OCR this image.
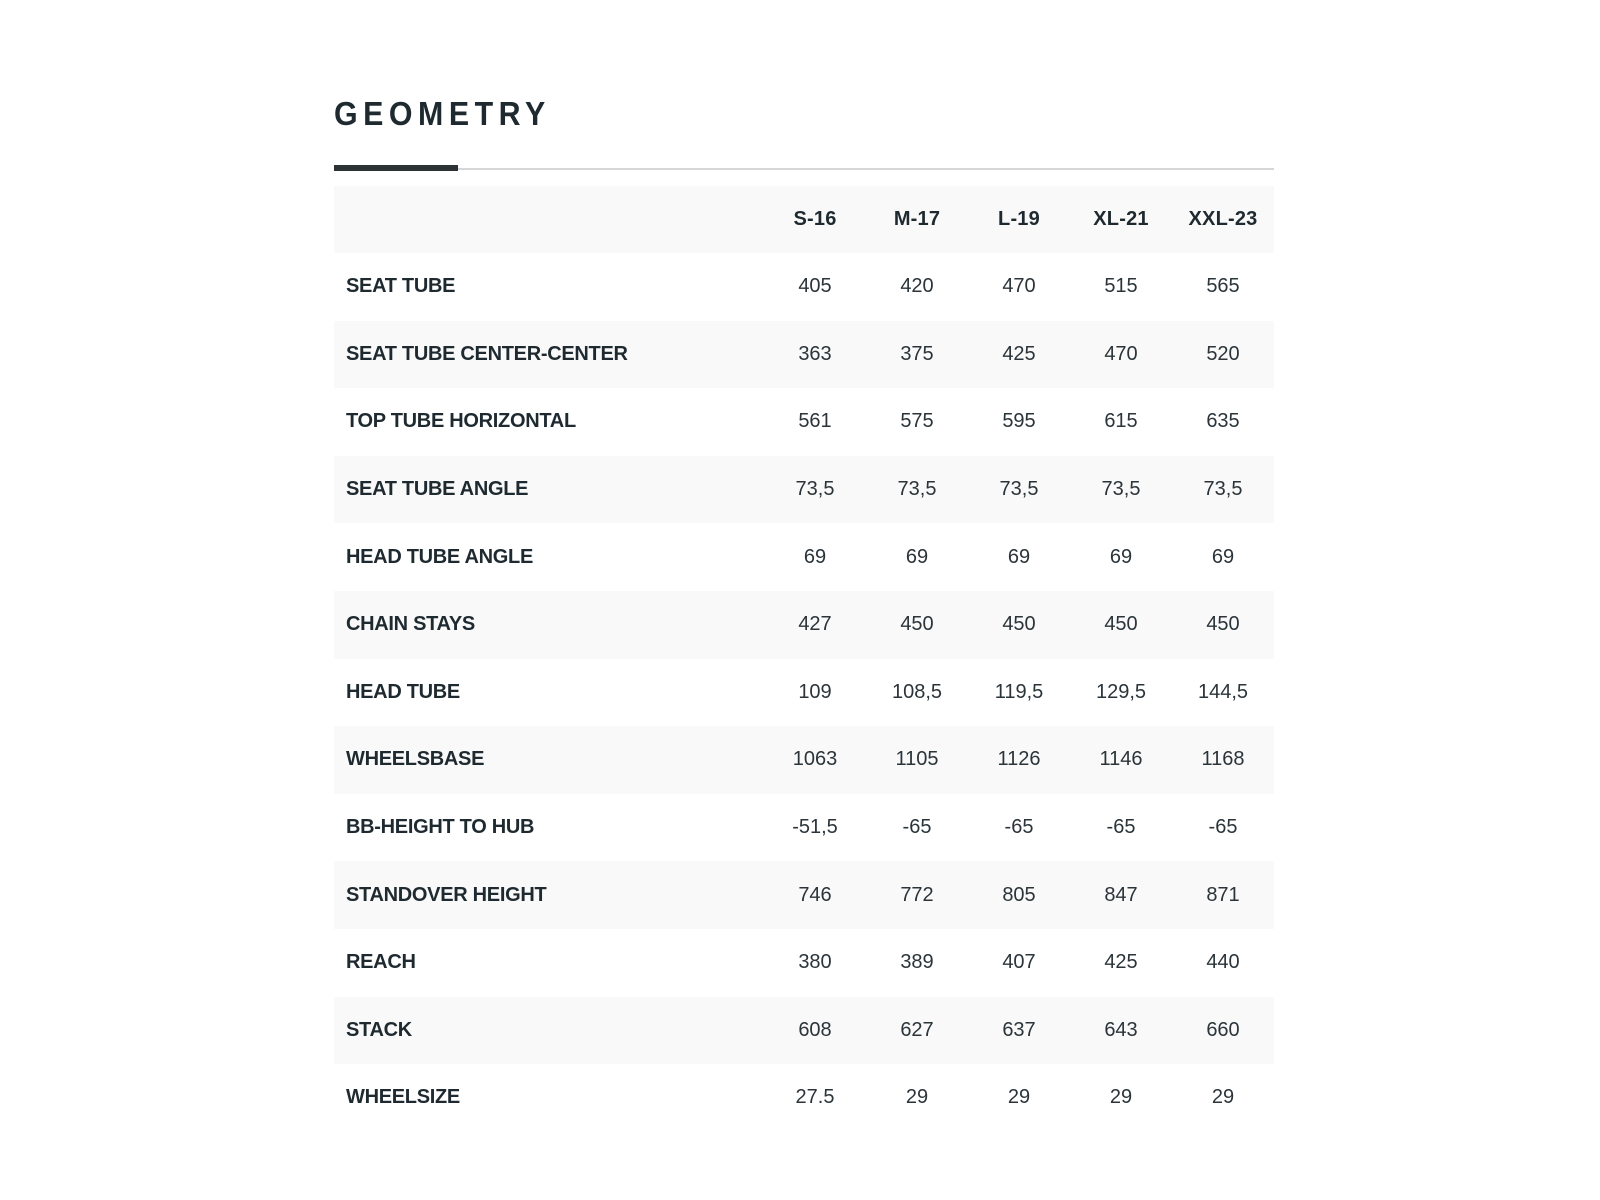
GEOMETRY
	S-16	M-17	L-19	XL-21	XXL-23
SEAT TUBE	405	420	470	515	565
SEAT TUBE CENTER-CENTER	363	375	425	470	520
TOP TUBE HORIZONTAL	561	575	595	615	635
SEAT TUBE ANGLE	73,5	73,5	73,5	73,5	73,5
HEAD TUBE ANGLE	69	69	69	69	69
CHAIN STAYS	427	450	450	450	450
HEAD TUBE	109	108,5	119,5	129,5	144,5
WHEELSBASE	1063	1105	1126	1146	1168
BB-HEIGHT TO HUB	-51,5	-65	-65	-65	-65
STANDOVER HEIGHT	746	772	805	847	871
REACH	380	389	407	425	440
STACK	608	627	637	643	660
WHEELSIZE	27.5	29	29	29	29
